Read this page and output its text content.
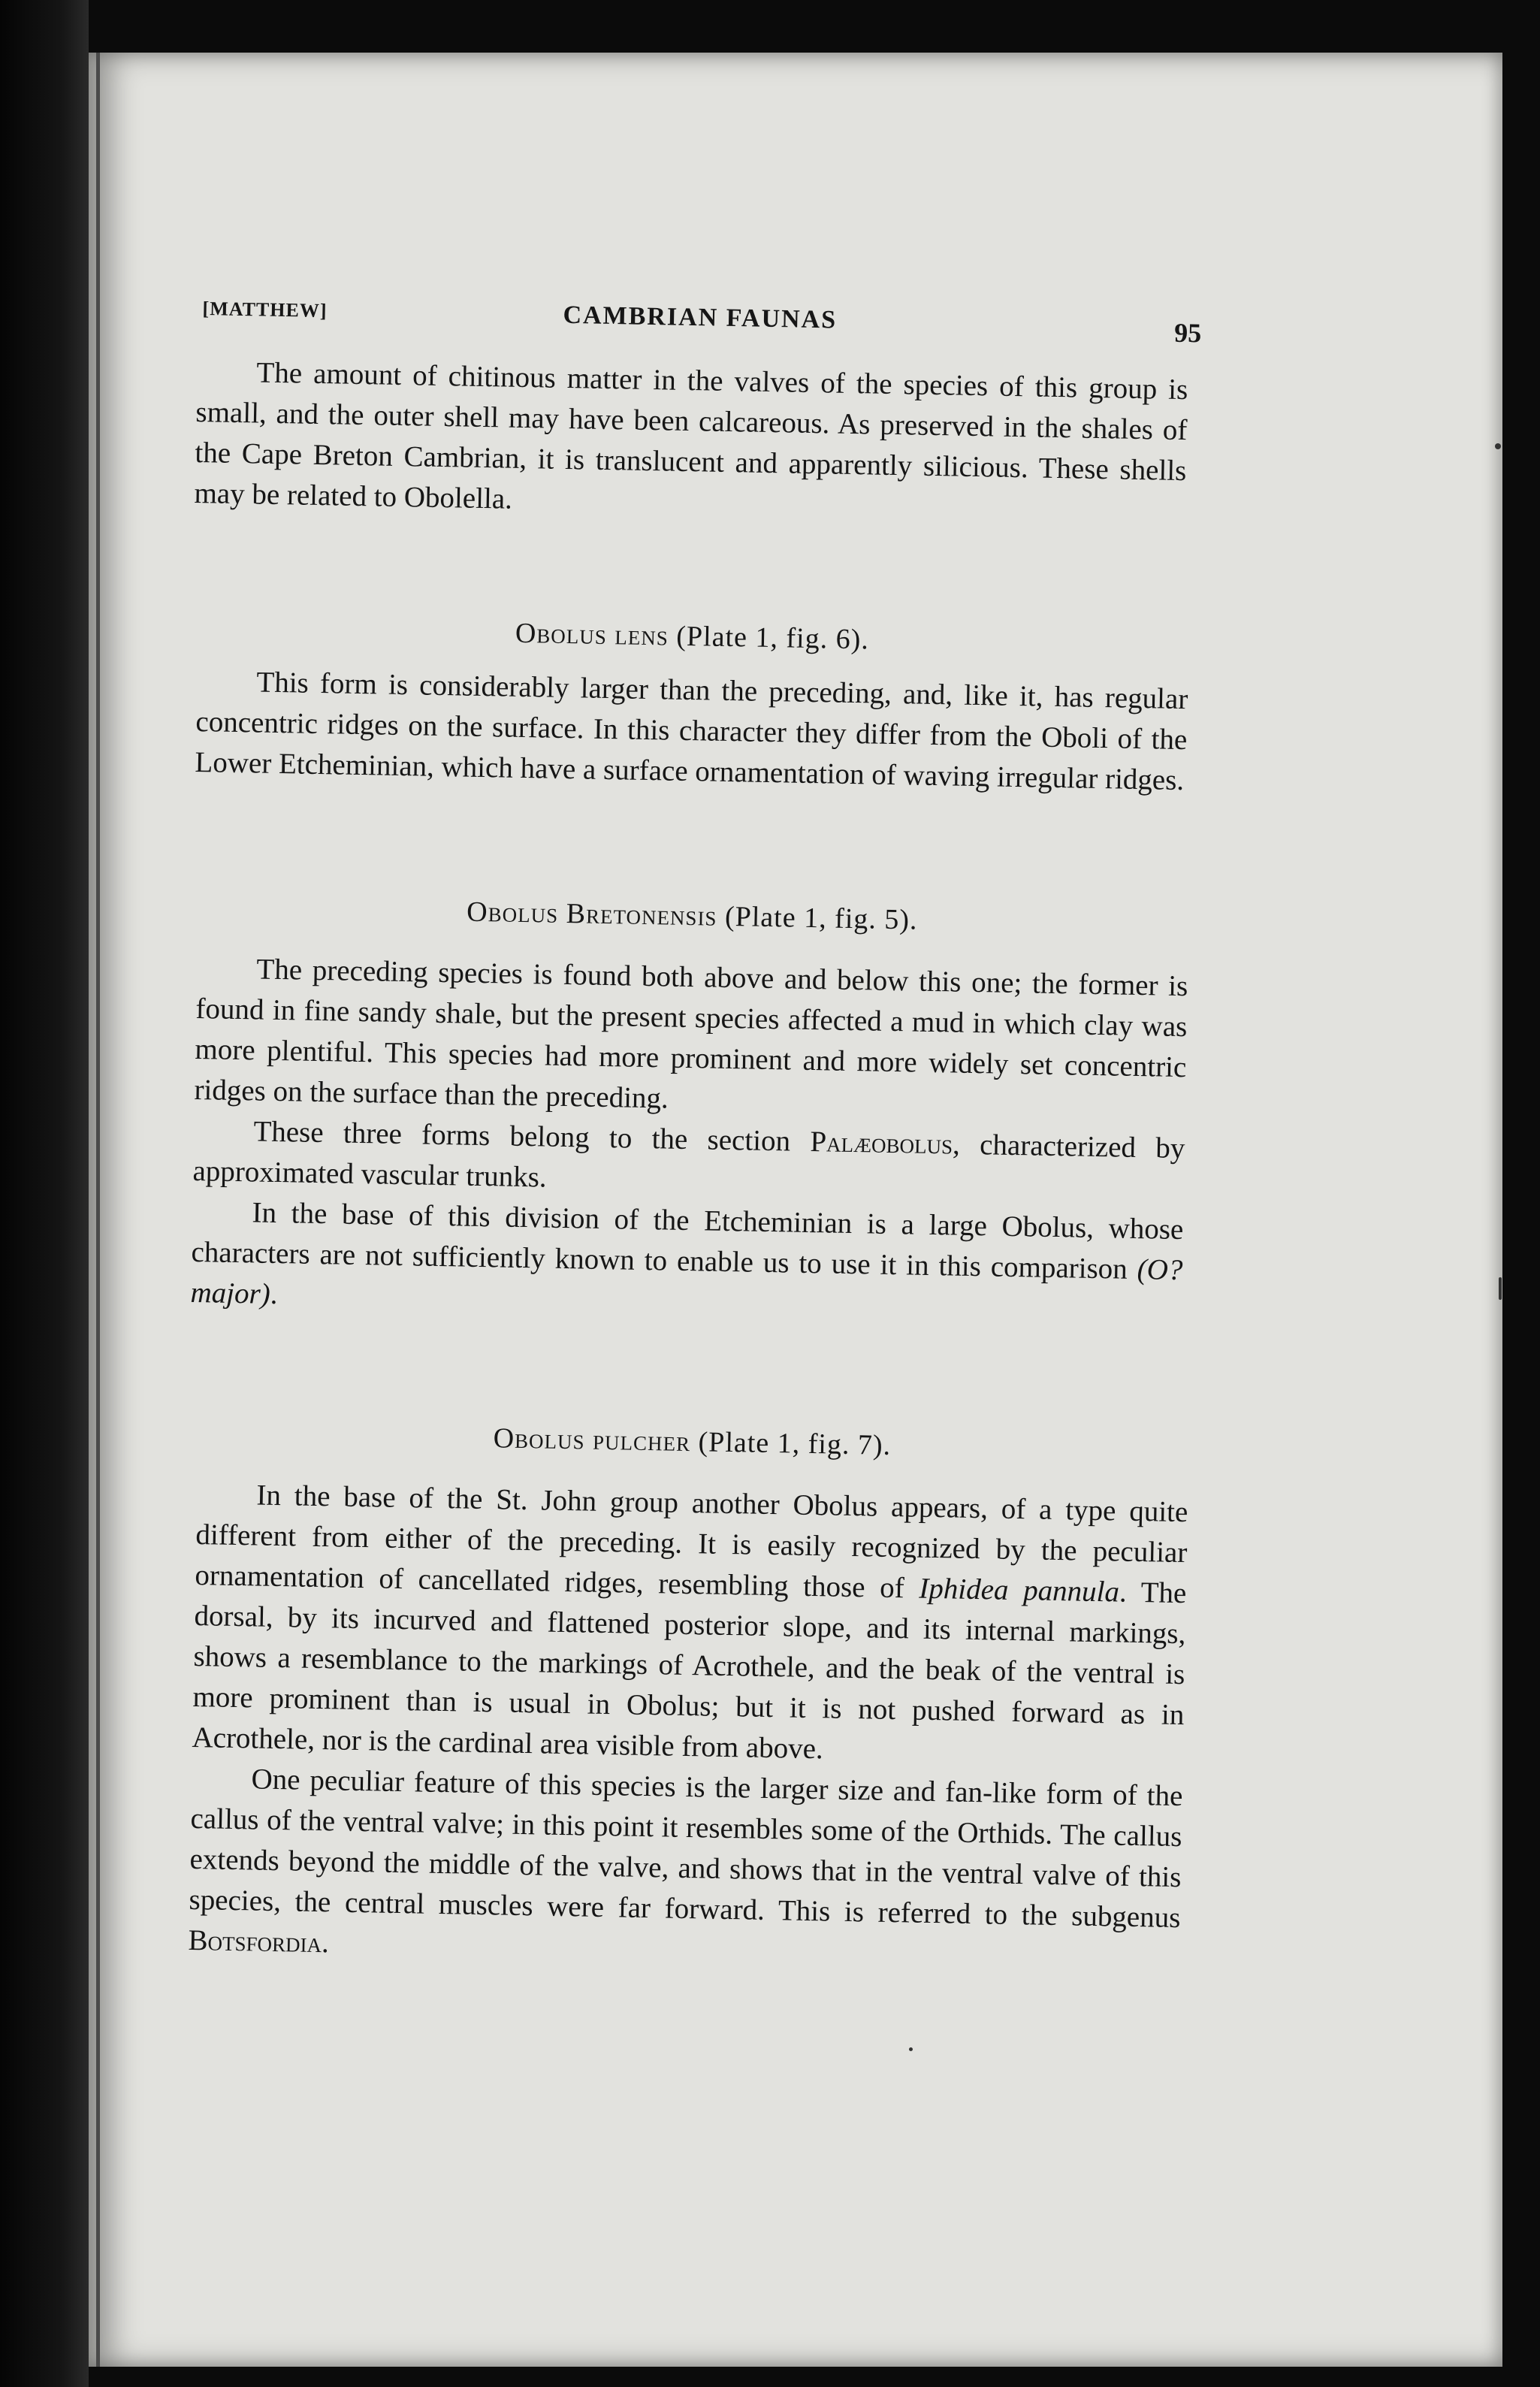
[MATTHEW]	CAMBRIAN FAUNAS	95

The amount of chitinous matter in the valves of the species of this group is small, and the outer shell may have been calcareous. As preserved in the shales of the Cape Breton Cambrian, it is translucent and apparently silicious. These shells may be related to Obolella.

Obolus lens (Plate 1, fig. 6).

This form is considerably larger than the preceding, and, like it, has regular concentric ridges on the surface. In this character they differ from the Oboli of the Lower Etcheminian, which have a surface ornamentation of waving irregular ridges.

Obolus Bretonensis (Plate 1, fig. 5).

The preceding species is found both above and below this one; the former is found in fine sandy shale, but the present species affected a mud in which clay was more plentiful. This species had more prominent and more widely set concentric ridges on the surface than the preceding.

These three forms belong to the section Palæobolus, characterized by approximated vascular trunks.

In the base of this division of the Etcheminian is a large Obolus, whose characters are not sufficiently known to enable us to use it in this comparison (O? major).

Obolus pulcher (Plate 1, fig. 7).

In the base of the St. John group another Obolus appears, of a type quite different from either of the preceding. It is easily recognized by the peculiar ornamentation of cancellated ridges, resembling those of Iphidea pannula. The dorsal, by its incurved and flattened posterior slope, and its internal markings, shows a resemblance to the markings of Acrothele, and the beak of the ventral is more prominent than is usual in Obolus; but it is not pushed forward as in Acrothele, nor is the cardinal area visible from above.

One peculiar feature of this species is the larger size and fan-like form of the callus of the ventral valve; in this point it resembles some of the Orthids. The callus extends beyond the middle of the valve, and shows that in the ventral valve of this species, the central muscles were far forward. This is referred to the subgenus Botsfordia.
